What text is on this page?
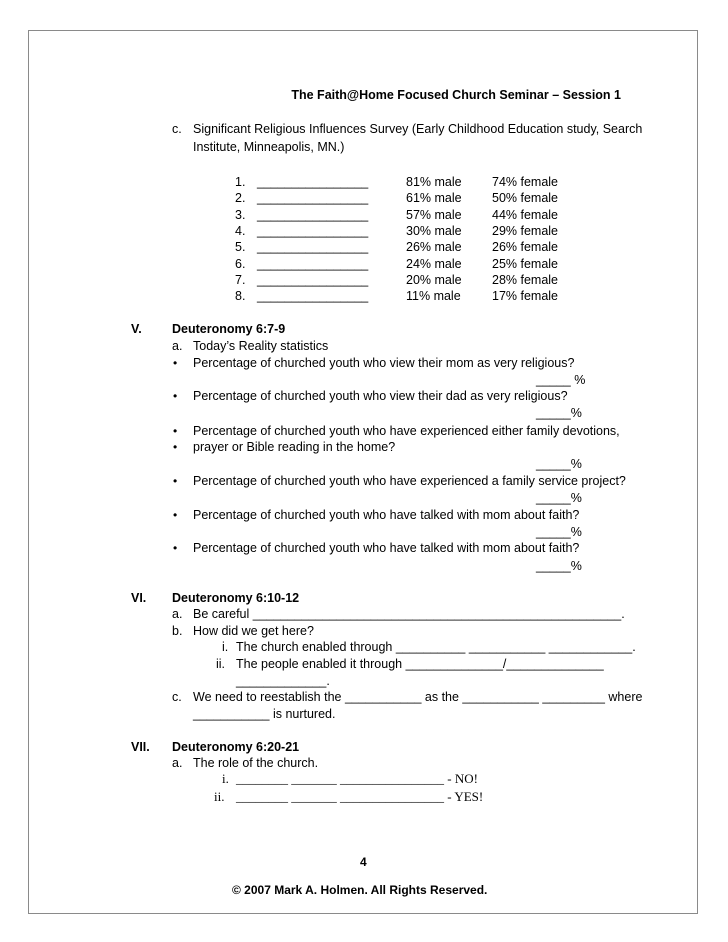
The Faith@Home Focused Church Seminar – Session 1
c. Significant Religious Influences Survey (Early Childhood Education study, Search
Institute, Minneapolis, MN.)
1. ________________	81% male 74% female
2. ________________	61% male 50% female
3. ________________	57% male 44% female
4. ________________	30% male 29% female
5. ________________	26% male 26% female
6. ________________	24% male 25% female
7. ________________	20% male 28% female
8. ________________	11% male	17% female
V. Deuteronomy 6:7-9
a. Today’s Reality statistics
• Percentage of churched youth who view their mom as very religious?
_____ %
• Percentage of churched youth who view their dad as very religious?
_____%
• Percentage of churched youth who have experienced either family devotions,
• prayer or Bible reading in the home?
_____%
• Percentage of churched youth who have experienced a family service project?
_____%
• Percentage of churched youth who have talked with mom about faith?
_____%
• Percentage of churched youth who have talked with mom about faith?
_____%
VI. Deuteronomy 6:10-12
a. Be careful _____________________________________________________.
b. How did we get here?
i. The church enabled through __________ ___________ ____________.
ii. The people enabled it through ______________/______________
_____________.
c. We need to reestablish the ___________ as the ___________ _________ where
___________ is nurtured.
VII. Deuteronomy 6:20-21
a. The role of the church.
i. ________ _______ ________________ - NO!
ii. ________ _______ ________________ - YES!
4
© 2007 Mark A. Holmen. All Rights Reserved.
